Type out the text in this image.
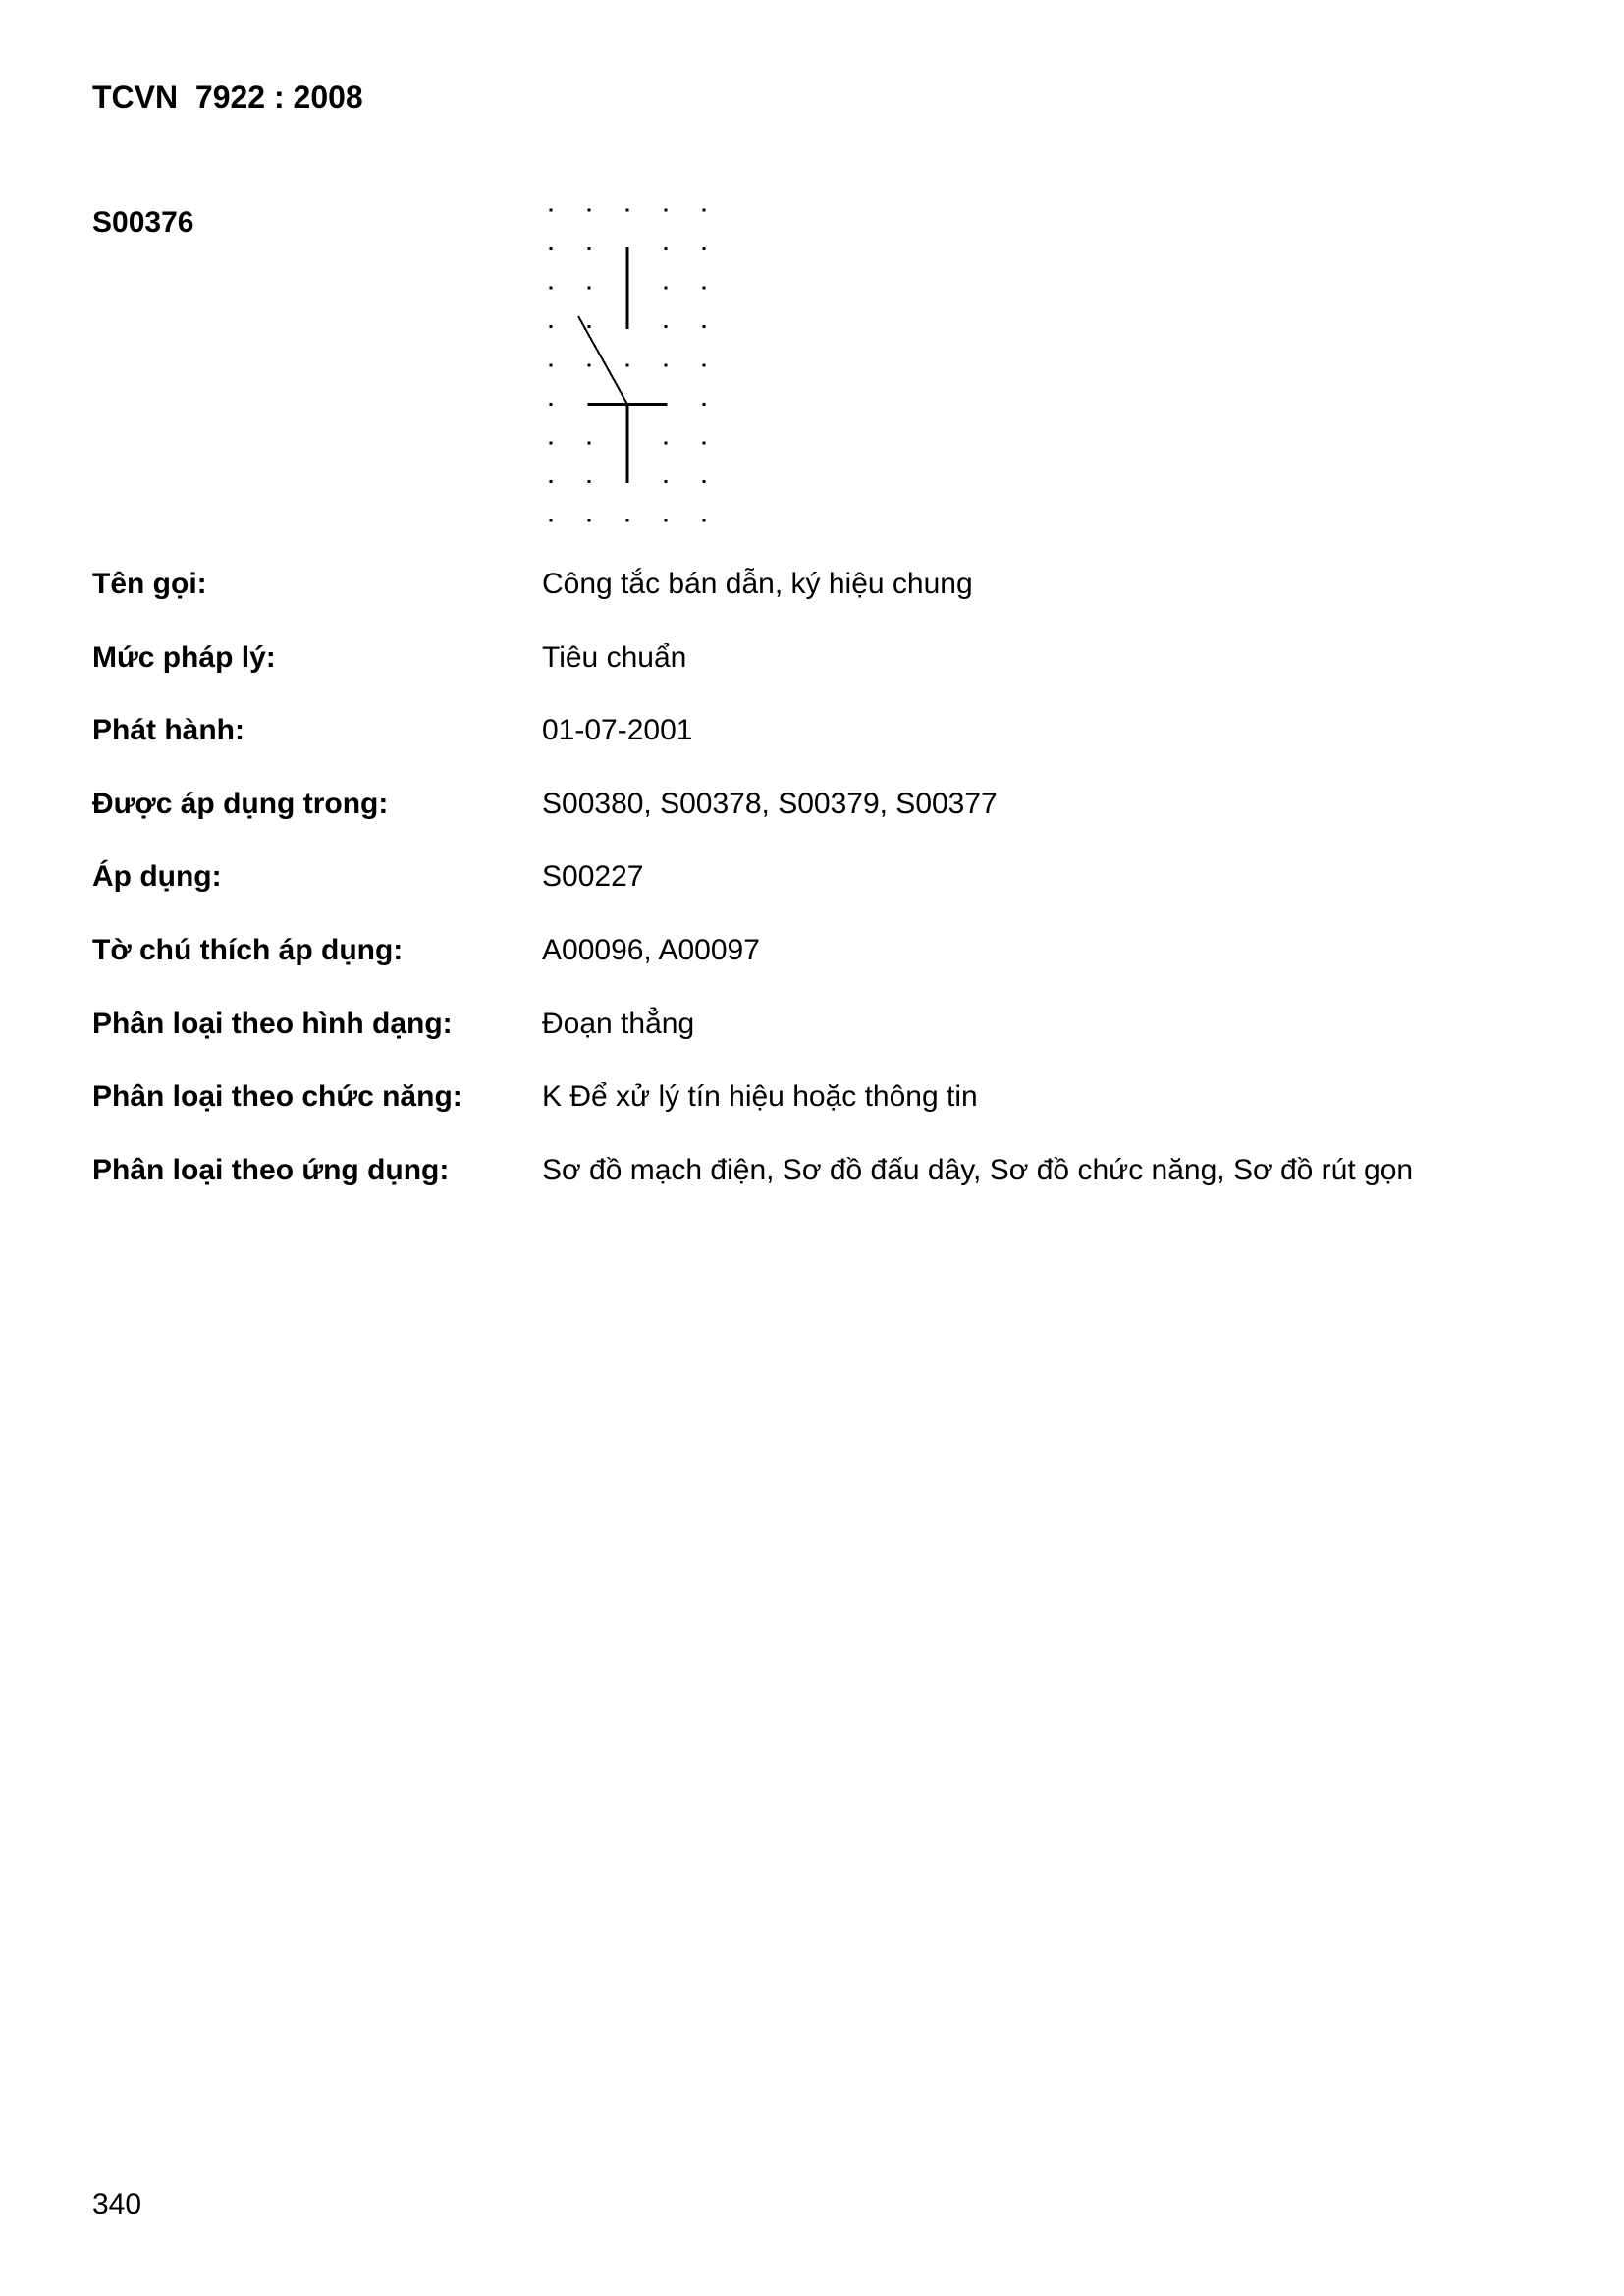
TCVN  7922 : 2008
S00376
Tên gọi:	Công tắc bán dẫn, ký hiệu chung
Mức pháp lý:	Tiêu chuẩn
Phát hành:	01-07-2001
Được áp dụng trong:	S00380, S00378, S00379, S00377
Áp dụng:	S00227
Tờ chú thích áp dụng:	A00096, A00097
Phân loại theo hình dạng:	Đoạn thẳng
Phân loại theo chức năng:	K Để xử lý tín hiệu hoặc thông tin
Phân loại theo ứng dụng:	Sơ đồ mạch điện, Sơ đồ đấu dây, Sơ đồ chức năng, Sơ đồ rút gọn
340
